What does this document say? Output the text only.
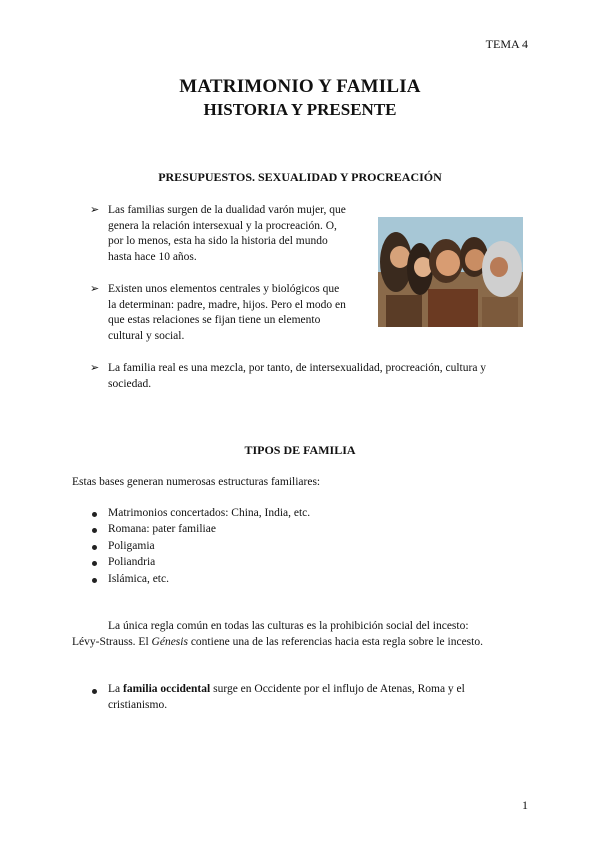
TEMA 4
MATRIMONIO Y FAMILIA
HISTORIA Y PRESENTE
PRESUPUESTOS. SEXUALIDAD Y PROCREACIÓN
➢ Las familias surgen de la dualidad varón mujer, que
genera la relación intersexual y la procreación. O,
por lo menos, esta ha sido la historia del mundo
hasta hace 10 años.
➢ Existen unos elementos centrales y biológicos que
la determinan: padre, madre, hijos. Pero el modo en
que estas relaciones se fijan tiene un elemento
cultural y social.
➢ La familia real es una mezcla, por tanto, de intersexualidad, procreación, cultura y
sociedad.
TIPOS DE FAMILIA
Estas bases generan numerosas estructuras familiares:
Matrimonios concertados: China, India, etc.
Romana: pater familiae
Poligamia
Poliandria
Islámica, etc.
La única regla común en todas las culturas es la prohibición social del incesto:
Lévy-Strauss. El Génesis contiene una de las referencias hacia esta regla sobre le incesto.
La familia occidental surge en Occidente por el influjo de Atenas, Roma y el
cristianismo.
1
